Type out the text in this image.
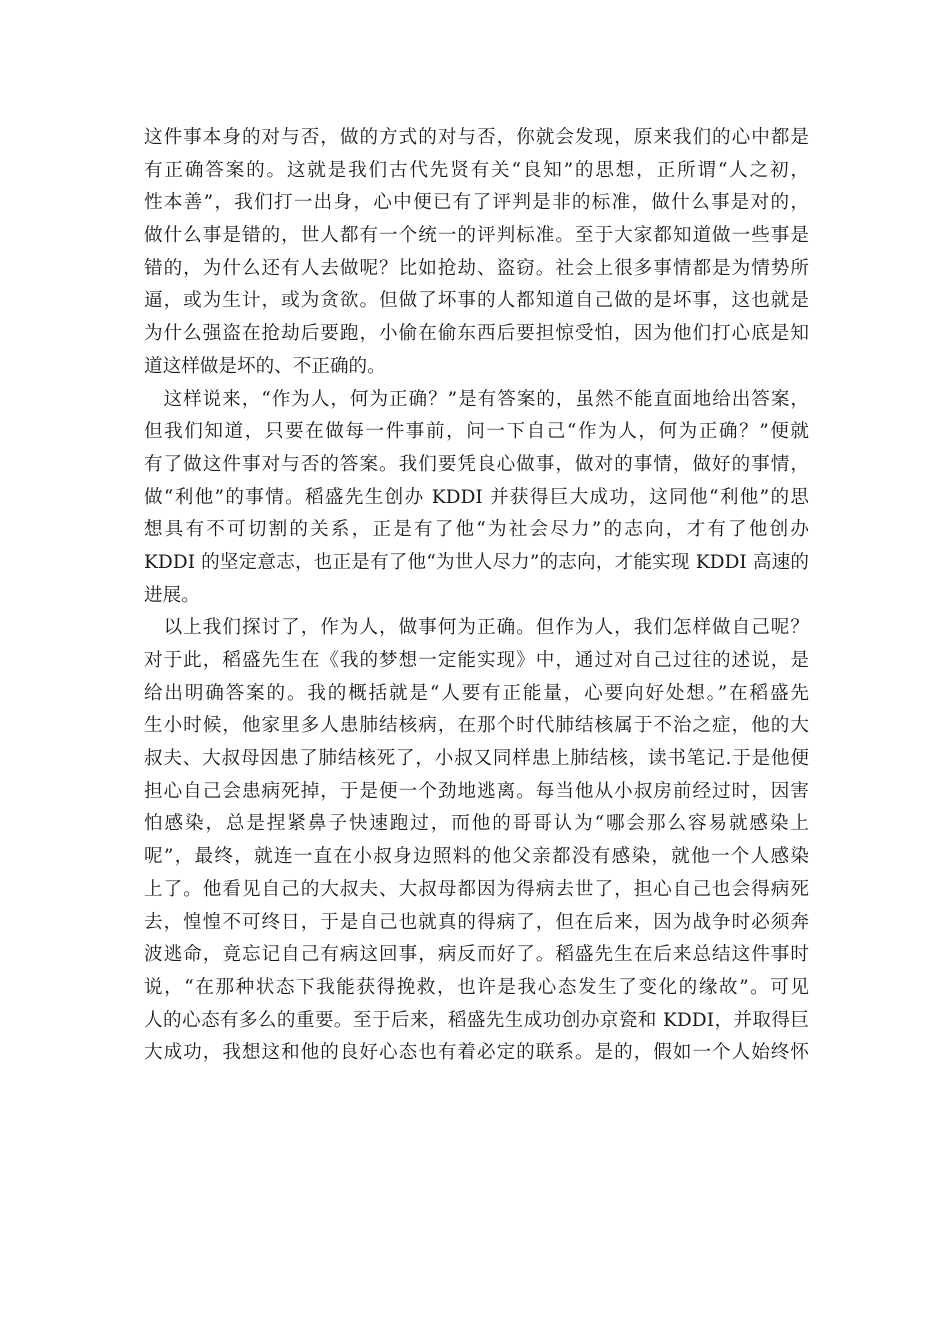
这件事本身的对与否，做的方式的对与否，你就会发现，原来我们的心中都是
有正确答案的。这就是我们古代先贤有关“良知”的思想，正所谓“人之初，
性本善”，我们打一出身，心中便已有了评判是非的标准，做什么事是对的，
做什么事是错的，世人都有一个统一的评判标准。至于大家都知道做一些事是
错的，为什么还有人去做呢？比如抢劫、盗窃。社会上很多事情都是为情势所
逼，或为生计，或为贪欲。但做了坏事的人都知道自己做的是坏事，这也就是
为什么强盗在抢劫后要跑，小偷在偷东西后要担惊受怕，因为他们打心底是知
道这样做是坏的、不正确的。
　这样说来，“作为人，何为正确？”是有答案的，虽然不能直面地给出答案，
但我们知道，只要在做每一件事前，问一下自己“作为人，何为正确？”便就
有了做这件事对与否的答案。我们要凭良心做事，做对的事情，做好的事情，
做“利他”的事情。稻盛先生创办 KDDI 并获得巨大成功，这同他“利他”的思
想具有不可切割的关系，正是有了他“为社会尽力”的志向，才有了他创办
KDDI 的坚定意志，也正是有了他“为世人尽力”的志向，才能实现 KDDI 高速的
进展。
　以上我们探讨了，作为人，做事何为正确。但作为人，我们怎样做自己呢？
对于此，稻盛先生在《我的梦想一定能实现》中，通过对自己过往的述说，是
给出明确答案的。我的概括就是“人要有正能量，心要向好处想。”在稻盛先
生小时候，他家里多人患肺结核病，在那个时代肺结核属于不治之症，他的大
叔夫、大叔母因患了肺结核死了，小叔又同样患上肺结核，读书笔记.于是他便
担心自己会患病死掉，于是便一个劲地逃离。每当他从小叔房前经过时，因害
怕感染，总是捏紧鼻子快速跑过，而他的哥哥认为“哪会那么容易就感染上
呢”，最终，就连一直在小叔身边照料的他父亲都没有感染，就他一个人感染
上了。他看见自己的大叔夫、大叔母都因为得病去世了，担心自己也会得病死
去，惶惶不可终日，于是自己也就真的得病了，但在后来，因为战争时必须奔
波逃命，竟忘记自己有病这回事，病反而好了。稻盛先生在后来总结这件事时
说，“在那种状态下我能获得挽救，也许是我心态发生了变化的缘故”。可见
人的心态有多么的重要。至于后来，稻盛先生成功创办京瓷和 KDDI，并取得巨
大成功，我想这和他的良好心态也有着必定的联系。是的，假如一个人始终怀
